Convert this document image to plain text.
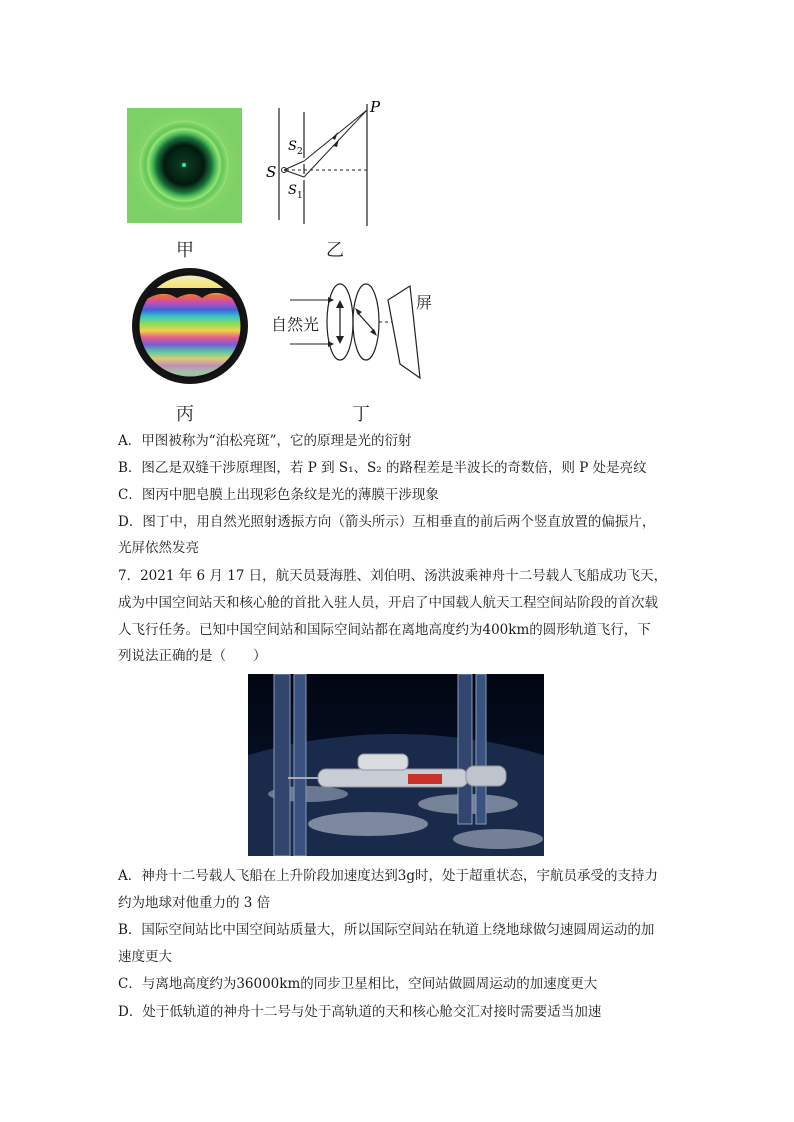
甲
P
S
S 2
S 1
乙
丙
自然光
屏
丁
A．甲图被称为“泊松亮斑”，它的原理是光的衍射
B．图乙是双缝干涉原理图，若 P 到 S₁、S₂ 的路程差是半波长的奇数倍，则 P 处是亮纹
C．图丙中肥皂膜上出现彩色条纹是光的薄膜干涉现象
D．图丁中，用自然光照射透振方向（箭头所示）互相垂直的前后两个竖直放置的偏振片，
光屏依然发亮
7．2021 年 6 月 17 日，航天员聂海胜、刘伯明、汤洪波乘神舟十二号载人飞船成功飞天，
成为中国空间站天和核心舱的首批入驻人员，开启了中国载人航天工程空间站阶段的首次载
人飞行任务。已知中国空间站和国际空间站都在离地高度约为400km的圆形轨道飞行，下
列说法正确的是（　　）
A．神舟十二号载人飞船在上升阶段加速度达到3g时，处于超重状态，宇航员承受的支持力
约为地球对他重力的 3 倍
B．国际空间站比中国空间站质量大，所以国际空间站在轨道上绕地球做匀速圆周运动的加
速度更大
C．与离地高度约为36000km的同步卫星相比，空间站做圆周运动的加速度更大
D．处于低轨道的神舟十二号与处于高轨道的天和核心舱交汇对接时需要适当加速
